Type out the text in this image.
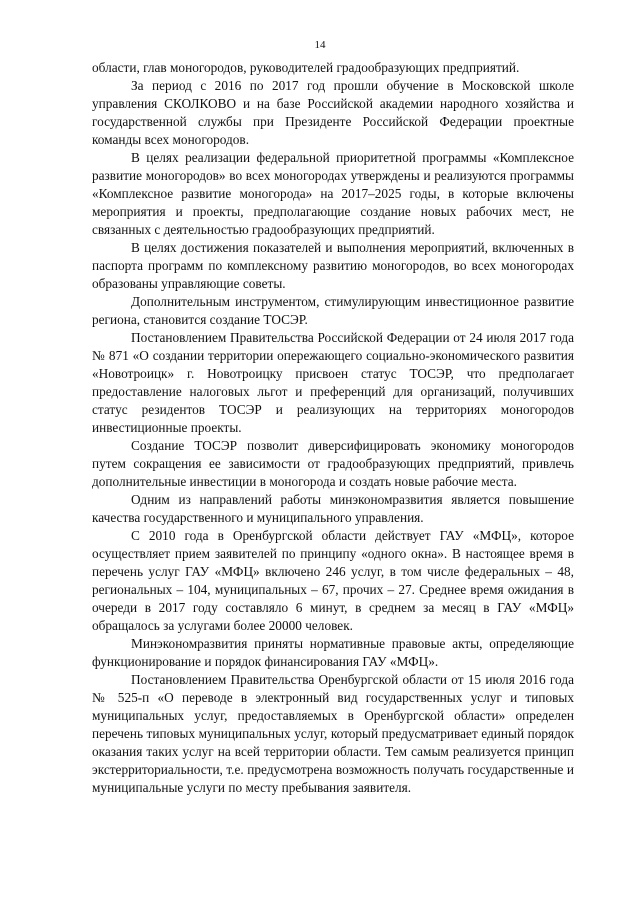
14

области, глав моногородов, руководителей градообразующих предприятий.

За период с 2016 по 2017 год прошли обучение в Московской школе управления СКОЛКОВО и на базе Российской академии народного хозяйства и государственной службы при Президенте Российской Федерации проектные команды всех моногородов.

В целях реализации федеральной приоритетной программы «Комплексное развитие моногородов» во всех моногородах утверждены и реализуются программы «Комплексное развитие моногорода» на 2017–2025 годы, в которые включены мероприятия и проекты, предполагающие создание новых рабочих мест, не связанных с деятельностью градообразующих предприятий.

В целях достижения показателей и выполнения мероприятий, включенных в паспорта программ по комплексному развитию моногородов, во всех моногородах образованы управляющие советы.

Дополнительным инструментом, стимулирующим инвестиционное развитие региона, становится создание ТОСЭР.

Постановлением Правительства Российской Федерации от 24 июля 2017 года № 871 «О создании территории опережающего социально-экономического развития «Новотроицк» г. Новотроицку присвоен статус ТОСЭР, что предполагает предоставление налоговых льгот и преференций для организаций, получивших статус резидентов ТОСЭР и реализующих на территориях моногородов инвестиционные проекты.

Создание ТОСЭР позволит диверсифицировать экономику моногородов путем сокращения ее зависимости от градообразующих предприятий, привлечь дополнительные инвестиции в моногорода и создать новые рабочие места.

Одним из направлений работы минэкономразвития является повышение качества государственного и муниципального управления.

С 2010 года в Оренбургской области действует ГАУ «МФЦ», которое осуществляет прием заявителей по принципу «одного окна». В настоящее время в перечень услуг ГАУ «МФЦ» включено 246 услуг, в том числе федеральных – 48, региональных – 104, муниципальных – 67, прочих – 27. Среднее время ожидания в очереди в 2017 году составляло 6 минут, в среднем за месяц в ГАУ «МФЦ» обращалось за услугами более 20000 человек.

Минэкономразвития приняты нормативные правовые акты, определяющие функционирование и порядок финансирования ГАУ «МФЦ».

Постановлением Правительства Оренбургской области от 15 июля 2016 года № 525-п «О переводе в электронный вид государственных услуг и типовых муниципальных услуг, предоставляемых в Оренбургской области» определен перечень типовых муниципальных услуг, который предусматривает единый порядок оказания таких услуг на всей территории области. Тем самым реализуется принцип экстерриториальности, т.е. предусмотрена возможность получать государственные и муниципальные услуги по месту пребывания заявителя.
